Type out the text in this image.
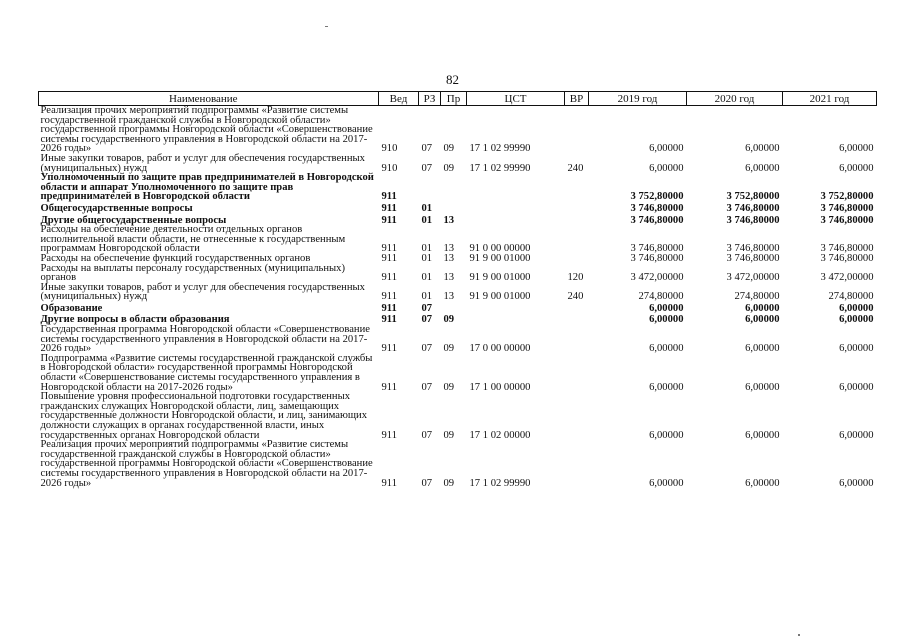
82
Наименование	Вед	РЗ	Пр	ЦСТ	ВР	2019 год	2020 год	2021 год
Реализация прочих мероприятий подпрограммы «Развитие системы государственной гражданской службы в Новгородской области» государственной программы Новгородской области «Совершенствование системы государственного управления в Новгородской области на 2017-2026 годы»	910	07	09	17 1 02 99990		6,00000	6,00000	6,00000
Иные закупки товаров, работ и услуг для обеспечения государственных (муниципальных) нужд	910	07	09	17 1 02 99990	240	6,00000	6,00000	6,00000
Уполномоченный по защите прав предпринимателей в Новгородской области и аппарат Уполномоченного по защите прав предпринимателей в Новгородской области	911					3 752,80000	3 752,80000	3 752,80000
Общегосударственные вопросы	911	01				3 746,80000	3 746,80000	3 746,80000
Другие общегосударственные вопросы	911	01	13			3 746,80000	3 746,80000	3 746,80000
Расходы на обеспечение деятельности отдельных органов исполнительной власти области, не отнесенные к государственным программам Новгородской области	911	01	13	91 0 00 00000		3 746,80000	3 746,80000	3 746,80000
Расходы на обеспечение функций государственных органов	911	01	13	91 9 00 01000		3 746,80000	3 746,80000	3 746,80000
Расходы на выплаты персоналу государственных (муниципальных) органов	911	01	13	91 9 00 01000	120	3 472,00000	3 472,00000	3 472,00000
Иные закупки товаров, работ и услуг для обеспечения государственных (муниципальных) нужд	911	01	13	91 9 00 01000	240	274,80000	274,80000	274,80000
Образование	911	07				6,00000	6,00000	6,00000
Другие вопросы в области образования	911	07	09			6,00000	6,00000	6,00000
Государственная программа Новгородской области «Совершенствование системы государственного управления в Новгородской области на 2017-2026 годы»	911	07	09	17 0 00 00000		6,00000	6,00000	6,00000
Подпрограмма «Развитие системы государственной гражданской службы в Новгородской области» государственной программы Новгородской области «Совершенствование системы государственного управления в Новгородской области на 2017-2026 годы»	911	07	09	17 1 00 00000		6,00000	6,00000	6,00000
Повышение уровня профессиональной подготовки государственных гражданских служащих Новгородской области, лиц, замещающих государственные должности Новгородской области, и лиц, занимающих должности служащих в органах государственной власти, иных государственных органах Новгородской области	911	07	09	17 1 02 00000		6,00000	6,00000	6,00000
Реализация прочих мероприятий подпрограммы «Развитие системы государственной гражданской службы в Новгородской области» государственной программы Новгородской области «Совершенствование системы государственного управления в Новгородской области на 2017-2026 годы»	911	07	09	17 1 02 99990		6,00000	6,00000	6,00000
